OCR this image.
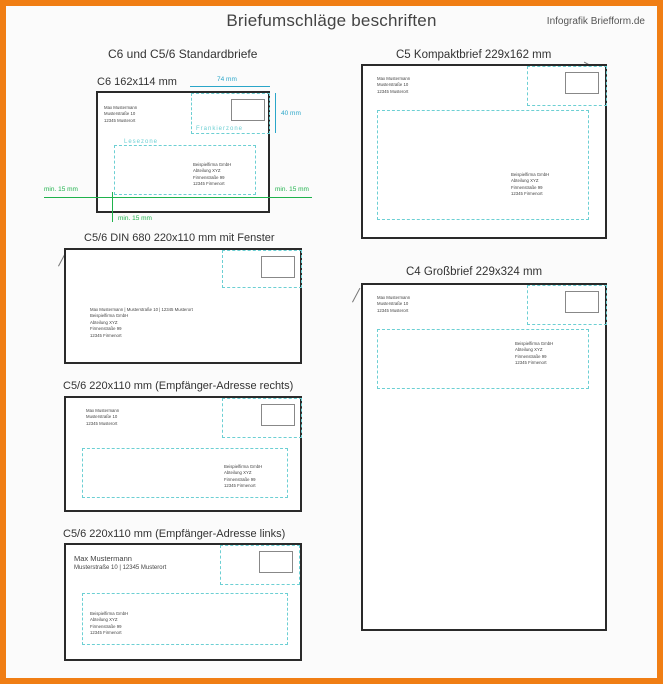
Briefumschläge beschriften	Infografik Briefform.de
C6 und C5/6 Standardbriefe
C6 162x114 mm
Max Mustermann
Musterstraße 10
12345 Musterort
Frankierzone
Lesezone
Beispielfirma GmbH
Abteilung XYZ
Firmenstraße 99
12345 Firmenort
74 mm
40 mm
min. 15 mm	min. 15 mm
min. 15 mm
C5/6 DIN 680 220x110 mm mit Fenster
Max Mustermann | Musterstraße 10 | 12345 Musterort
Beispielfirma GmbH
Abteilung XYZ
Firmenstraße 99
12345 Firmenort
C5/6 220x110 mm (Empfänger-Adresse rechts)
Max Mustermann
Musterstraße 10
12345 Musterort
Beispielfirma GmbH
Abteilung XYZ
Firmenstraße 99
12345 Firmenort
C5/6 220x110 mm (Empfänger-Adresse links)
Max Mustermann
Musterstraße 10 | 12345 Musterort
Beispielfirma GmbH
Abteilung XYZ
Firmenstraße 99
12345 Firmenort
C5 Kompaktbrief 229x162 mm
Max Mustermann
Musterstraße 10
12345 Musterort
Beispielfirma GmbH
Abteilung XYZ
Firmenstraße 99
12345 Firmenort
C4 Großbrief 229x324 mm
Max Mustermann
Musterstraße 10
12345 Musterort
Beispielfirma GmbH
Abteilung XYZ
Firmenstraße 99
12345 Firmenort
